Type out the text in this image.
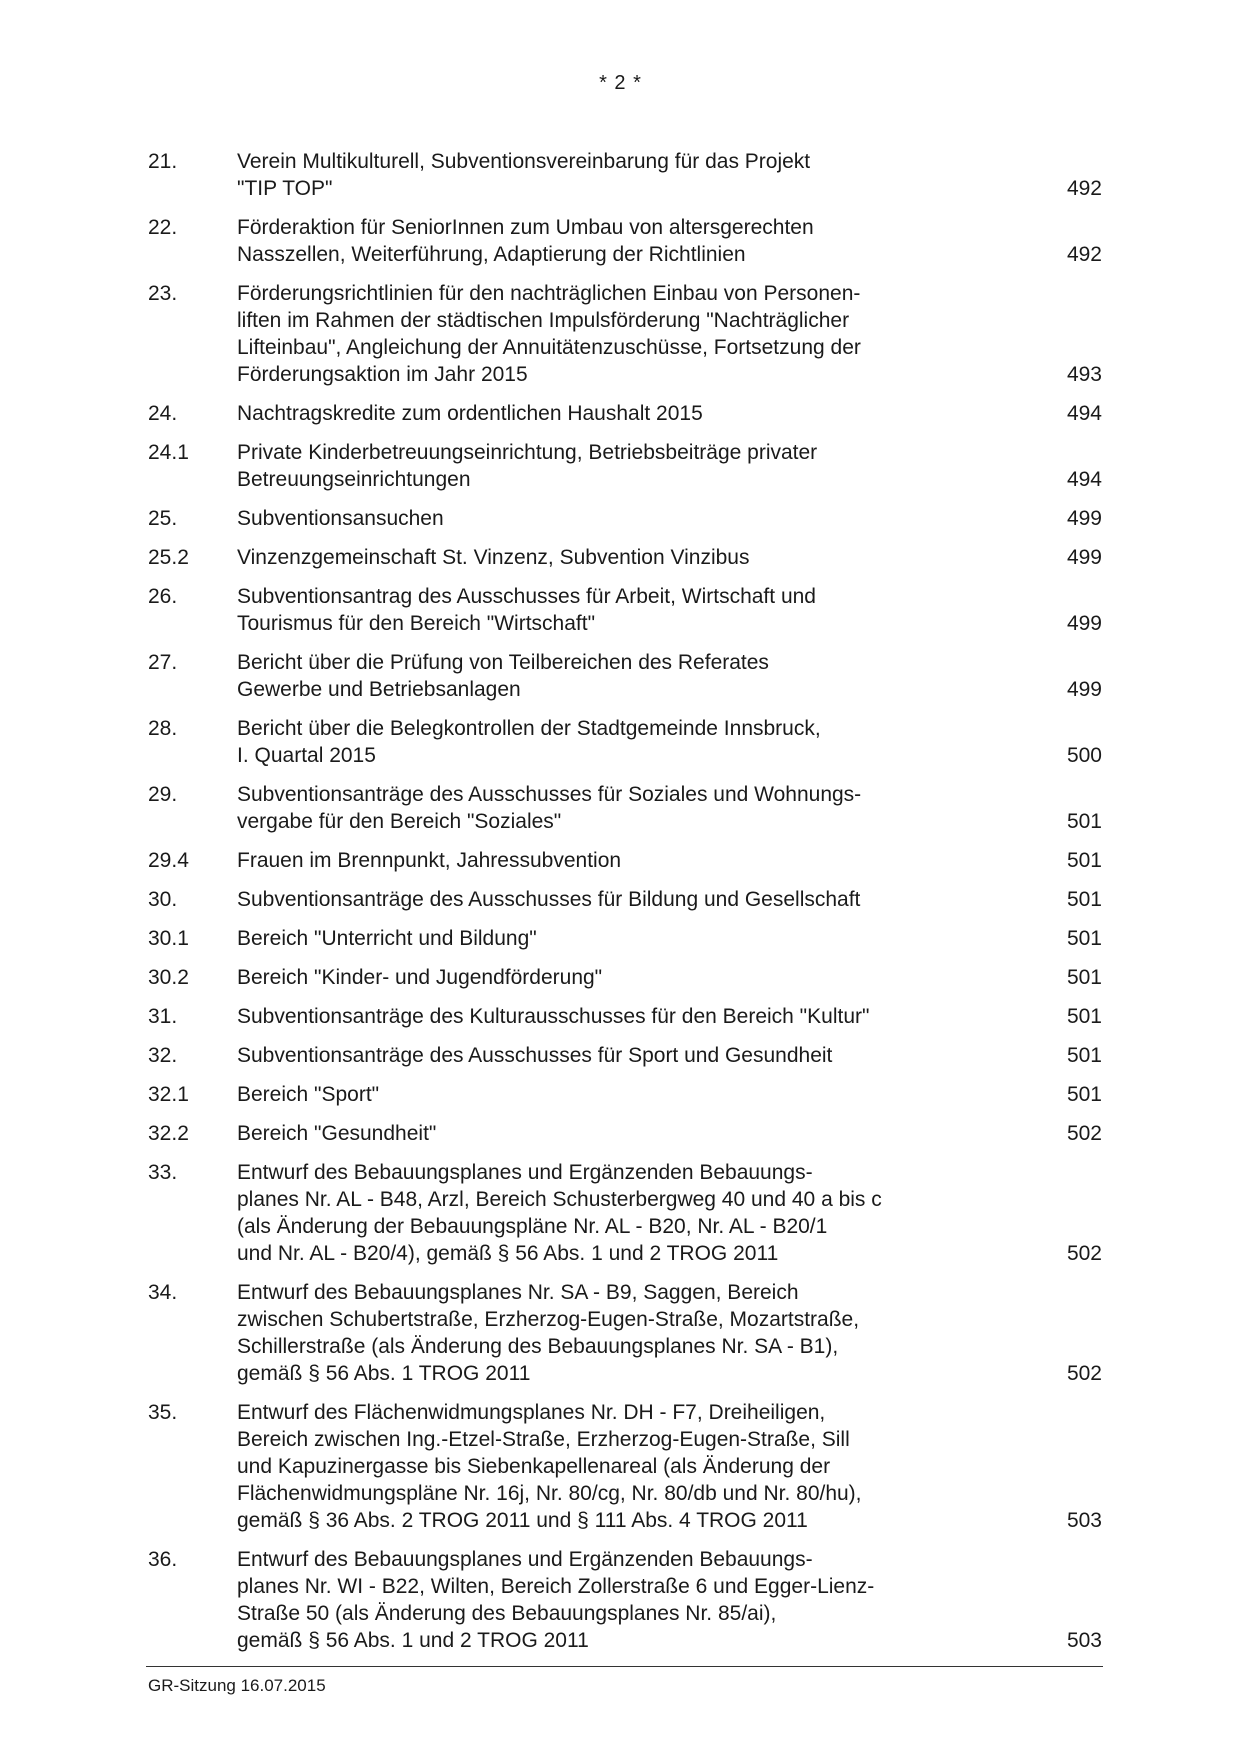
* 2 *
21.	Verein Multikulturell, Subventionsvereinbarung für das Projekt
"TIP TOP"	492
22.	Förderaktion für SeniorInnen zum Umbau von altersgerechten
Nasszellen, Weiterführung, Adaptierung der Richtlinien	492
23.	Förderungsrichtlinien für den nachträglichen Einbau von Personen-
liften im Rahmen der städtischen Impulsförderung "Nachträglicher
Lifteinbau", Angleichung der Annuitätenzuschüsse, Fortsetzung der
Förderungsaktion im Jahr 2015	493
24.	Nachtragskredite zum ordentlichen Haushalt 2015	494
24.1	Private Kinderbetreuungseinrichtung, Betriebsbeiträge privater
Betreuungseinrichtungen	494
25.	Subventionsansuchen	499
25.2	Vinzenzgemeinschaft St. Vinzenz, Subvention Vinzibus	499
26.	Subventionsantrag des Ausschusses für Arbeit, Wirtschaft und
Tourismus für den Bereich "Wirtschaft"	499
27.	Bericht über die Prüfung von Teilbereichen des Referates
Gewerbe und Betriebsanlagen	499
28.	Bericht über die Belegkontrollen der Stadtgemeinde Innsbruck,
I. Quartal 2015	500
29.	Subventionsanträge des Ausschusses für Soziales und Wohnungs-
vergabe für den Bereich "Soziales"	501
29.4	Frauen im Brennpunkt, Jahressubvention	501
30.	Subventionsanträge des Ausschusses für Bildung und Gesellschaft	501
30.1	Bereich "Unterricht und Bildung"	501
30.2	Bereich "Kinder- und Jugendförderung"	501
31.	Subventionsanträge des Kulturausschusses für den Bereich "Kultur"	501
32.	Subventionsanträge des Ausschusses für Sport und Gesundheit	501
32.1	Bereich "Sport"	501
32.2	Bereich "Gesundheit"	502
33.	Entwurf des Bebauungsplanes und Ergänzenden Bebauungs-
planes Nr. AL - B48, Arzl, Bereich Schusterbergweg 40 und 40 a bis c
(als Änderung der Bebauungspläne Nr. AL - B20, Nr. AL - B20/1
und Nr. AL - B20/4), gemäß § 56 Abs. 1 und 2 TROG 2011	502
34.	Entwurf des Bebauungsplanes Nr. SA - B9, Saggen, Bereich
zwischen Schubertstraße, Erzherzog-Eugen-Straße, Mozartstraße,
Schillerstraße (als Änderung des Bebauungsplanes Nr. SA - B1),
gemäß § 56 Abs. 1 TROG 2011	502
35.	Entwurf des Flächenwidmungsplanes Nr. DH - F7, Dreiheiligen,
Bereich zwischen Ing.-Etzel-Straße, Erzherzog-Eugen-Straße, Sill
und Kapuzinergasse bis Siebenkapellenareal (als Änderung der
Flächenwidmungspläne Nr. 16j, Nr. 80/cg, Nr. 80/db und Nr. 80/hu),
gemäß § 36 Abs. 2 TROG 2011 und § 111 Abs. 4 TROG 2011	503
36.	Entwurf des Bebauungsplanes und Ergänzenden Bebauungs-
planes Nr. WI - B22, Wilten, Bereich Zollerstraße 6 und Egger-Lienz-
Straße 50 (als Änderung des Bebauungsplanes Nr. 85/ai),
gemäß § 56 Abs. 1 und 2 TROG 2011	503
GR-Sitzung 16.07.2015
